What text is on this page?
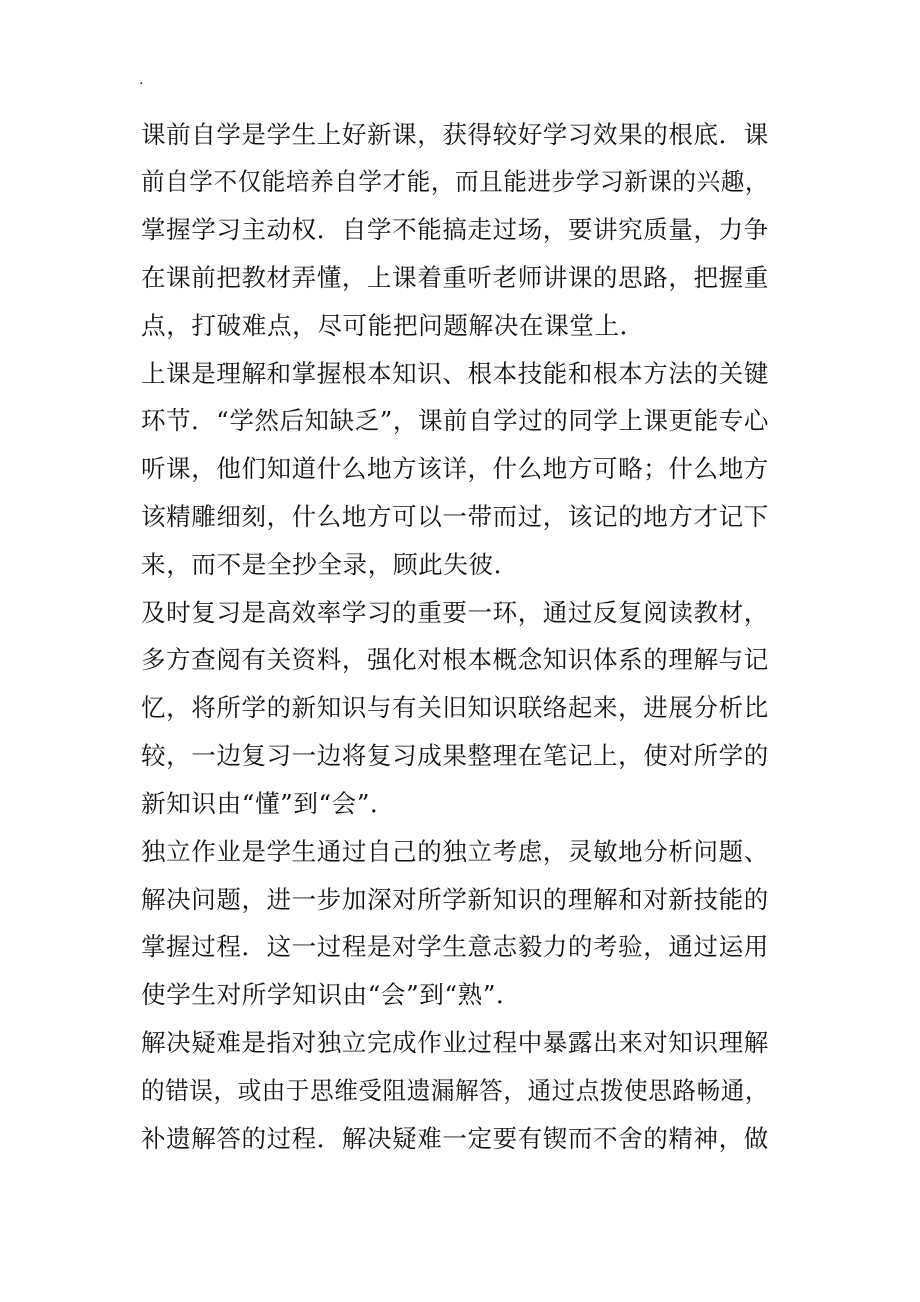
.
课前自学是学生上好新课，获得较好学习效果的根底．课
前自学不仅能培养自学才能，而且能进步学习新课的兴趣，
掌握学习主动权．自学不能搞走过场，要讲究质量，力争
在课前把教材弄懂，上课着重听老师讲课的思路，把握重
点，打破难点，尽可能把问题解决在课堂上．
上课是理解和掌握根本知识、根本技能和根本方法的关键
环节．“学然后知缺乏”，课前自学过的同学上课更能专心
听课，他们知道什么地方该详，什么地方可略；什么地方
该精雕细刻，什么地方可以一带而过，该记的地方才记下
来，而不是全抄全录，顾此失彼．
及时复习是高效率学习的重要一环，通过反复阅读教材，
多方查阅有关资料，强化对根本概念知识体系的理解与记
忆，将所学的新知识与有关旧知识联络起来，进展分析比
较，一边复习一边将复习成果整理在笔记上，使对所学的
新知识由“懂”到“会”．
独立作业是学生通过自己的独立考虑，灵敏地分析问题、
解决问题，进一步加深对所学新知识的理解和对新技能的
掌握过程．这一过程是对学生意志毅力的考验，通过运用
使学生对所学知识由“会”到“熟”．
解决疑难是指对独立完成作业过程中暴露出来对知识理解
的错误，或由于思维受阻遗漏解答，通过点拨使思路畅通，
补遗解答的过程．解决疑难一定要有锲而不舍的精神，做
